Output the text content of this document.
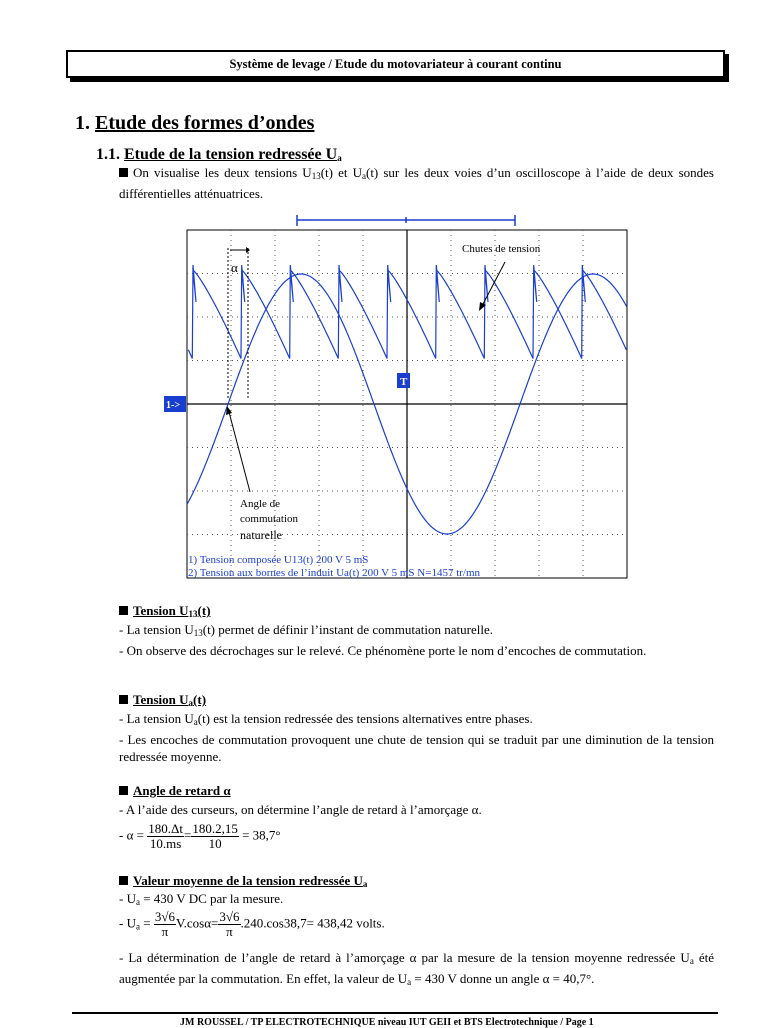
Système de levage / Etude du motovariateur à courant continu
1. Etude des formes d’ondes
1.1. Etude de la tension redressée $U_a$
On visualise les deux tensions $U_{13}(t)$ et $U_a(t)$ sur les deux voies d’un oscilloscope à l’aide de deux sondes différentielles atténuatrices.
α
Chutes de tension
Angle de
commutation
naturelle
T
1->
1) Tension composée U13(t) 200 V 5 mS
2) Tension aux bornes de l’induit Ua(t) 200 V 5 mS N=1457 tr/mn
Tension $U_{13}(t)$
- La tension $U_{13}(t)$ permet de définir l’instant de commutation naturelle.
- On observe des décrochages sur le relevé. Ce phénomène porte le nom d’encoches de commutation.
Tension $U_a(t)$
- La tension $U_a(t)$ est la tension redressée des tensions alternatives entre phases.
- Les encoches de commutation provoquent une chute de tension qui se traduit par une diminution de la tension redressée moyenne.
Angle de retard α
- A l’aide des curseurs, on détermine l’angle de retard à l’amorçage α.
- $\alpha = \frac{180.\Delta t}{10.ms} = \frac{180.2,15}{10} = 38,7^\circ$
Valeur moyenne de la tension redressée $U_a$
- $U_a = 430$ V DC par la mesure.
- $U_a = \frac{3√6}{\pi} V.\cos\alpha= \frac{3√6}{\pi} .240.\cos 38,7= 438,42$ volts.
- La détermination de l’angle de retard à l’amorçage α par la mesure de la tension moyenne redressée $U_a$ été augmentée par la commutation. En effet, la valeur de $U_a = 430$ V donne un angle α = 40,7°.
JM ROUSSEL / TP ELECTROTECHNIQUE niveau IUT GEII et BTS Electrotechnique / Page 1
